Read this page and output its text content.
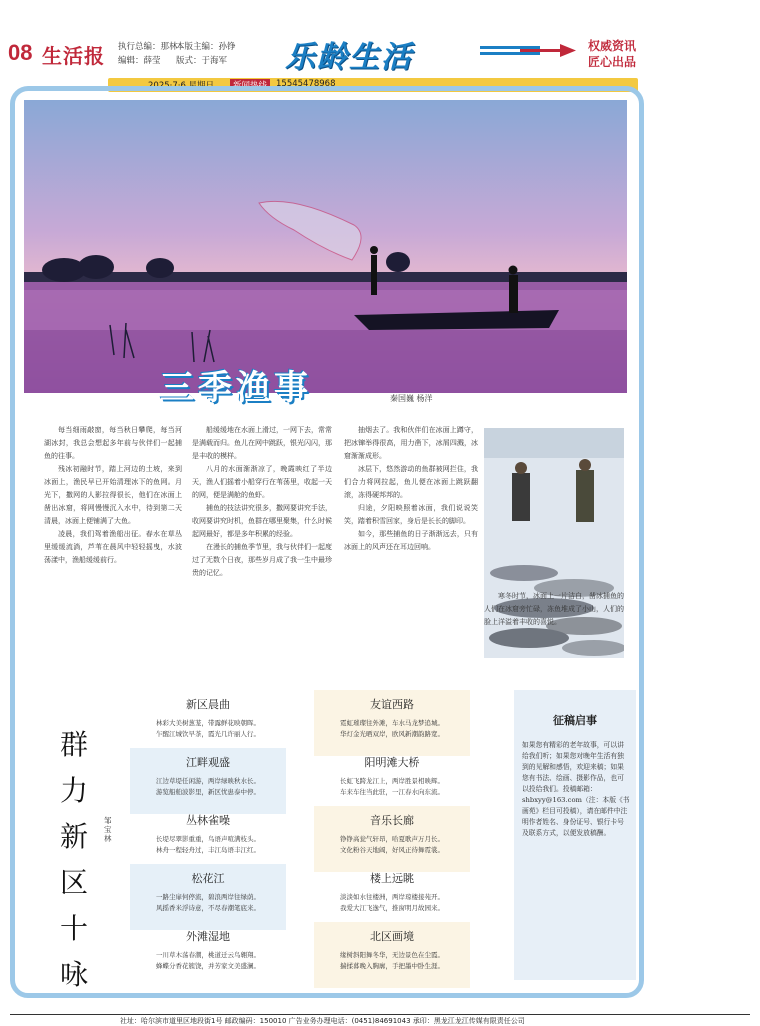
08 生活报 执行总编：那林
本版主编：孙铮
编辑：薛莹 版式：于海军 乐龄生活	权威资讯
匠心出品
2025·7·6 星期日	新闻热线	15545478968
三季渔事	秦国巍 杨洋

每当细雨敲窗，每当秋日攀爬，每当河湖冰封，我总会想起多年前与伙伴们一起捕鱼的往事。

残冰初融时节，踏上河边的土坡，来到冰面上，渔民早已开始清理冰下的鱼网。月光下，撒网的人影拉得很长，他们在冰面上凿出冰窟，将网慢慢沉入水中，待到第二天清晨，冰面上便铺满了大鱼。

凌晨，我们驾着渔船出征。春水在草丛里缓缓流淌，芦苇在晨风中轻轻摇曳，水波荡漾中，渔船缓缓前行。

船缓缓地在水面上滑过，一网下去，常常是满载而归。鱼儿在网中跳跃，银光闪闪，那是丰收的模样。

八月的水面渐渐凉了，晚霞映红了半边天，渔人们摇着小船穿行在苇荡里，收起一天的网，便是满舱的鱼虾。

捕鱼的技法讲究很多，撒网要讲究手法，收网要讲究时机，鱼群在哪里聚集，什么时候起网最好，都是多年积累的经验。

在漫长的捕鱼季节里，我与伙伴们一起度过了无数个日夜，那些岁月成了我一生中最珍贵的记忆。

抽烟去了。我和伙伴们在冰面上蹲守，把冰镩举得很高，用力凿下，冰屑四溅，冰窟渐渐成形。

冰层下，悠然游动的鱼群被网拦住，我们合力将网拉起，鱼儿便在冰面上跳跃翻滚，冻得硬邦邦的。

归途，夕阳映照着冰面，我们说说笑笑，踏着积雪回家，身后是长长的脚印。

如今，那些捕鱼的日子渐渐远去，只有冰面上的风声还在耳边回响。

寒冬时节，冰面上一片洁白，凿冰捕鱼的人们在冰窟旁忙碌，冻鱼堆成了小山，人们的脸上洋溢着丰收的喜悦。

群力新区十咏
邹宝林
新区晨曲
林彩大美树葱茏，带露鲜花映朝晖。
乍醒江城饮早茶，霞光几许丽人行。
友谊西路
霓虹璀璨往外滩，车水马龙梦追城。
华灯金光晒双岸，欧风新潮韵路宽。
江畔观盛
江边草堤任闲游，两岸绿映秋水长。
游览船舶波影里，新区忧患泰中停。
阳明滩大桥
长虹飞跨龙江上，两岸胜景相映辉。
车来车往当此驻，一江春水向东流。
丛林雀噪
长堤尽翠影重重，鸟语声喧满枝头。
林舟一程轻舟过，丰江岛语丰江红。
音乐长廊
铮铮高瓮气轩昂，哈夏歌声万月长。
文化粉谷天地阔，好风正待舞霓裳。
松花江
一路尘扉何停流，碧浪两岸往绿荫。
风摇香米浮诗意，不尽春潮笔底来。
楼上远眺
淡淡如水往楼洲，两岸琼楼接苑开。
我爱大江飞逸气，推窗明月故园来。
外滩湿地
一川草木荡春潮，桃道迁云鸟翱翔。
蜂蝶分香花簇饶，并芳家文美盛澜。
北区画境
缘树斜阳舞冬华，无边景色在尘霞。
揣揉暮晚入胸廓，手把墨中卧生涯。
征稿启事
如果您有精彩的老年故事，可以讲给我们听；如果您对晚年生活有独到的见解和感悟，欢迎来稿；如果您有书法、绘画、摄影作品，也可以投给我们。投稿邮箱：shbxyy@163.com（注：本版《书画苑》栏目可投稿），请在邮件中注明作者姓名、身份证号、银行卡号及联系方式，以便发放稿酬。
社址：哈尔滨市道里区地段街1号 邮政编码：150010 广告业务办理电话：(0451)84691043 承印：黑龙江龙江传媒有限责任公司
